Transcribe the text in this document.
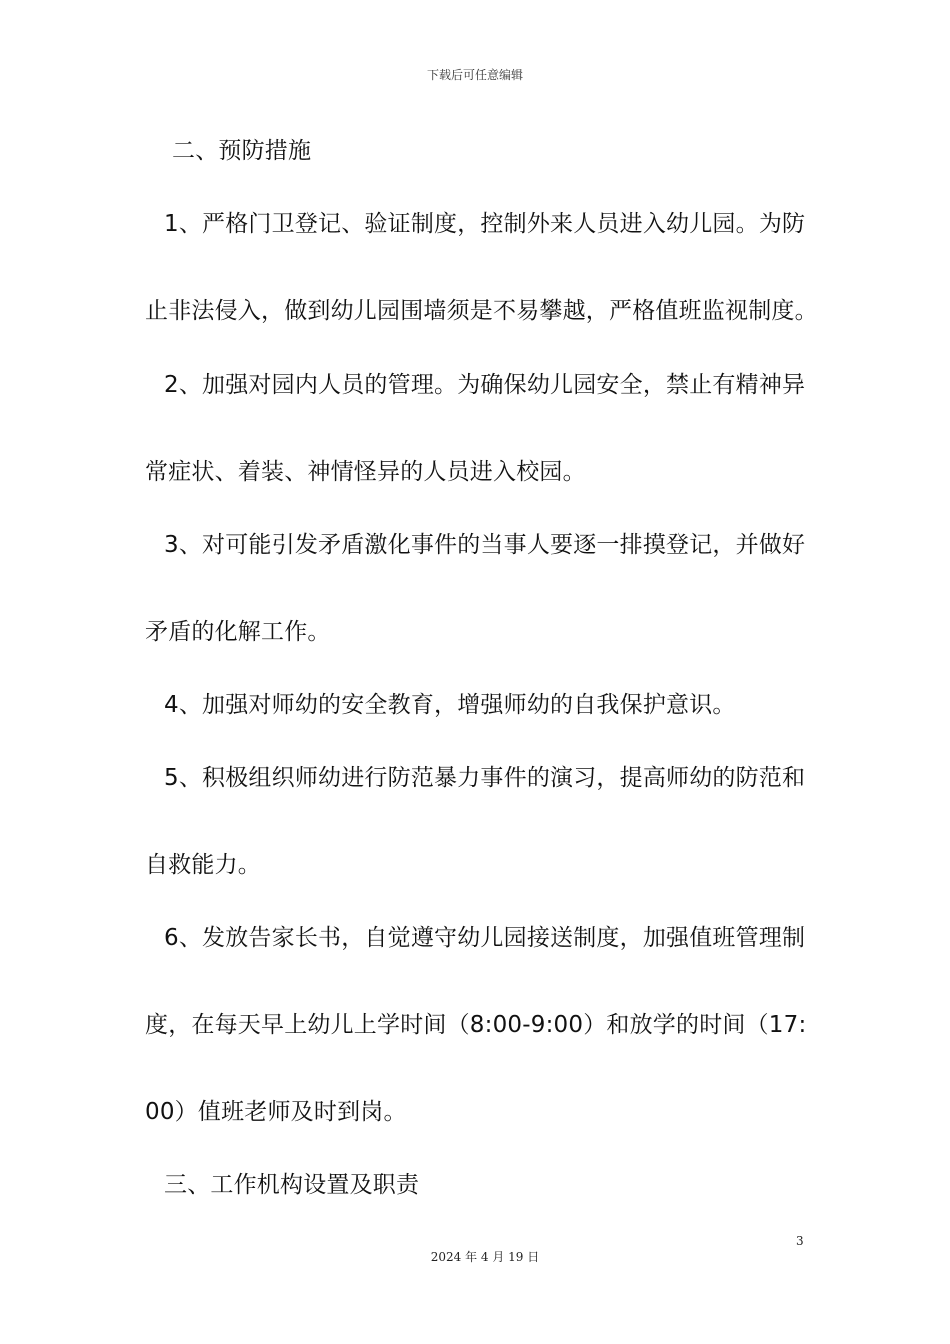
下载后可任意编辑
二、预防措施
1、严格门卫登记、验证制度，控制外来人员进入幼儿园。为防
止非法侵入，做到幼儿园围墙须是不易攀越，严格值班监视制度。
2、加强对园内人员的管理。为确保幼儿园安全，禁止有精神异
常症状、着装、神情怪异的人员进入校园。
3、对可能引发矛盾激化事件的当事人要逐一排摸登记，并做好
矛盾的化解工作。
4、加强对师幼的安全教育，增强师幼的自我保护意识。
5、积极组织师幼进行防范暴力事件的演习，提高师幼的防范和
自救能力。
6、发放告家长书，自觉遵守幼儿园接送制度，加强值班管理制
度，在每天早上幼儿上学时间（8:00-9:00）和放学的时间（17:
00）值班老师及时到岗。
三、工作机构设置及职责
3
2024 年 4 月 19 日
